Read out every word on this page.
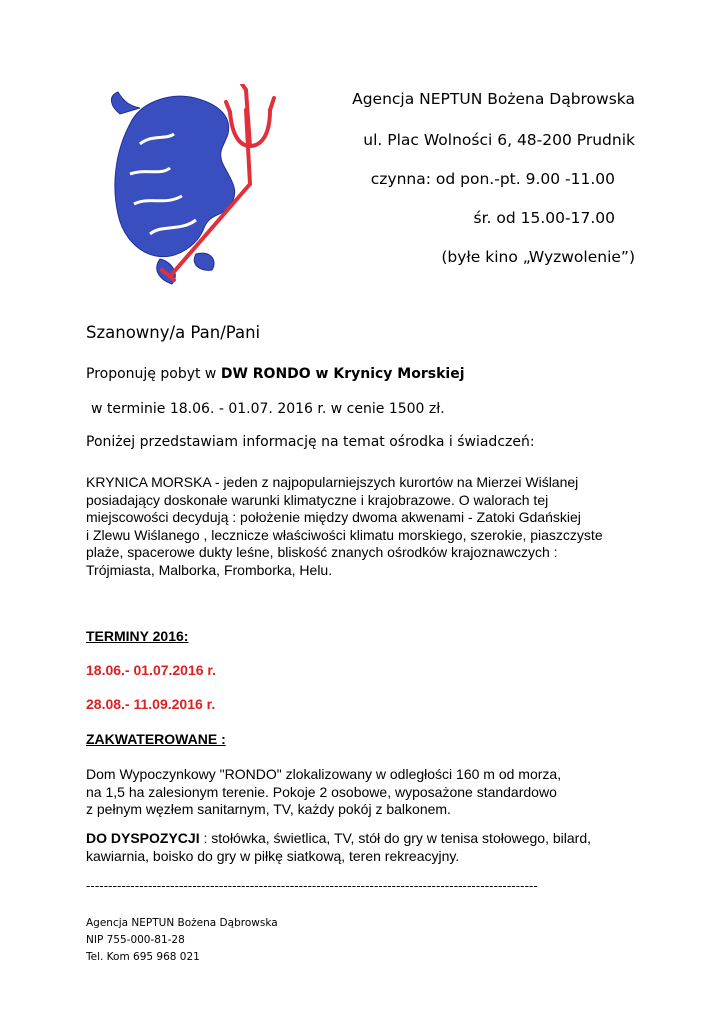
Agencja NEPTUN Bożena Dąbrowska
ul. Plac Wolności 6, 48-200 Prudnik
czynna: od pon.-pt. 9.00 -11.00
śr. od 15.00-17.00
(byłe kino „Wyzwolenie”)
Szanowny/a Pan/Pani
Proponuję pobyt w DW RONDO w Krynicy Morskiej
w terminie 18.06. - 01.07. 2016 r. w cenie 1500 zł.
Poniżej przedstawiam informację na temat ośrodka i świadczeń:
KRYNICA MORSKA - jeden z najpopularniejszych kurortów na Mierzei Wiślanej
posiadający doskonałe warunki klimatyczne i krajobrazowe. O walorach tej
miejscowości decydują : położenie między dwoma akwenami - Zatoki Gdańskiej
i Zlewu Wiślanego , lecznicze właściwości klimatu morskiego, szerokie, piaszczyste
plaże, spacerowe dukty leśne, bliskość znanych ośrodków krajoznawczych :
Trójmiasta, Malborka, Fromborka, Helu.
TERMINY 2016:
18.06.- 01.07.2016 r.
28.08.- 11.09.2016 r.
ZAKWATEROWANE :
Dom Wypoczynkowy "RONDO" zlokalizowany w odległości 160 m od morza,
na 1,5 ha zalesionym terenie. Pokoje 2 osobowe, wyposażone standardowo
z pełnym węzłem sanitarnym, TV, każdy pokój z balkonem.
DO DYSPOZYCJI : stołówka, świetlica, TV, stół do gry w tenisa stołowego, bilard,
kawiarnia, boisko do gry w piłkę siatkową, teren rekreacyjny.
------------------------------------------------------------------------------------------------------
Agencja NEPTUN Bożena Dąbrowska
NIP 755-000-81-28
Tel. Kom 695 968 021
